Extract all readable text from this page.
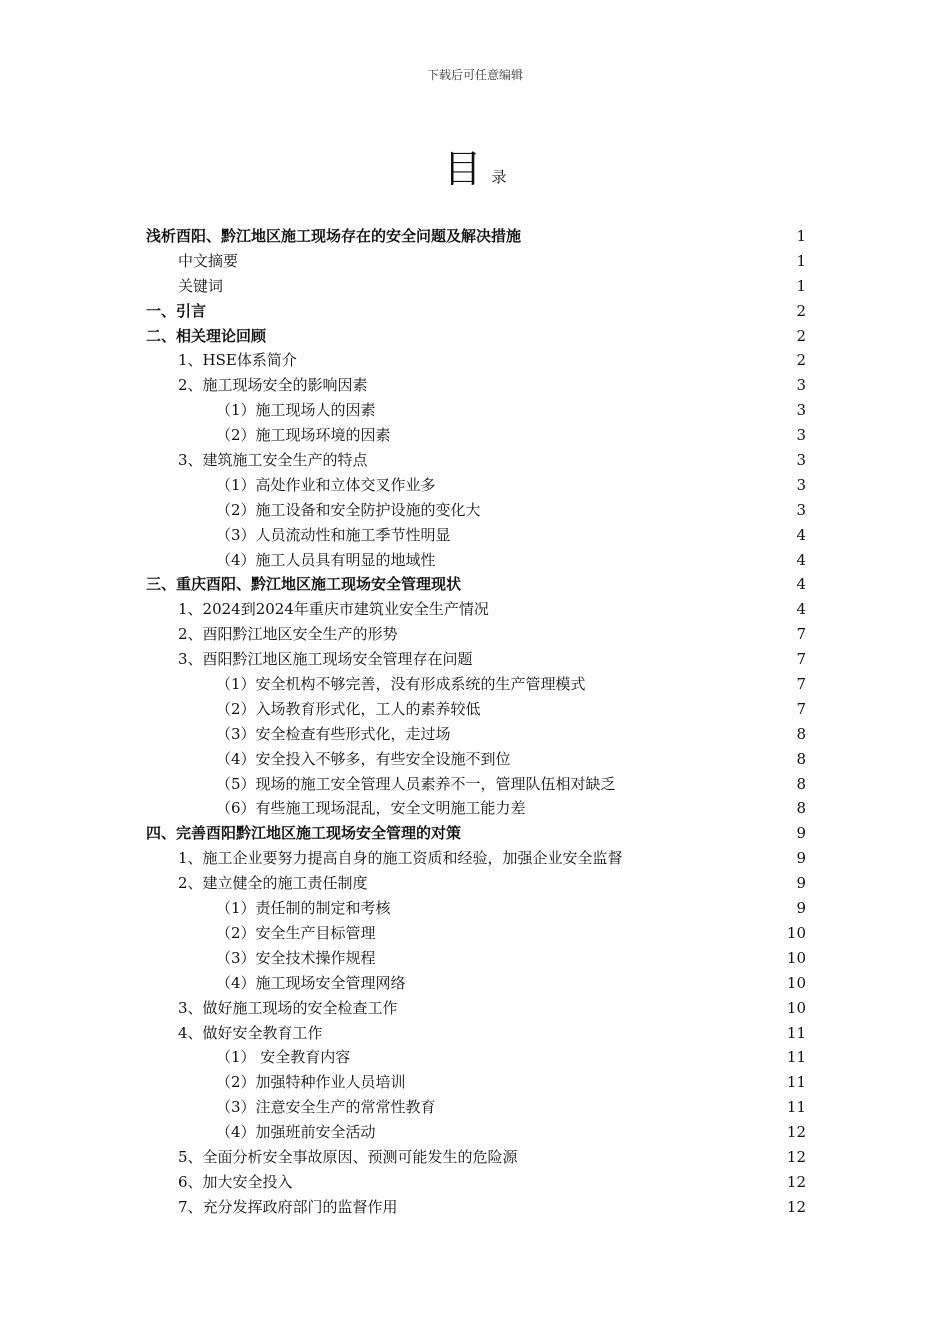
下载后可任意编辑
目录
浅析酉阳、黔江地区施工现场存在的安全问题及解决措施	1
中文摘要	1
关键词	1
一、引言	2
二、相关理论回顾	2
1、HSE体系简介	2
2、施工现场安全的影响因素	3
（1）施工现场人的因素	3
（2）施工现场环境的因素	3
3、建筑施工安全生产的特点	3
（1）高处作业和立体交叉作业多	3
（2）施工设备和安全防护设施的变化大	3
（3）人员流动性和施工季节性明显	4
（4）施工人员具有明显的地域性	4
三、重庆酉阳、黔江地区施工现场安全管理现状	4
1、2024到2024年重庆市建筑业安全生产情况	4
2、酉阳黔江地区安全生产的形势	7
3、酉阳黔江地区施工现场安全管理存在问题	7
（1）安全机构不够完善，没有形成系统的生产管理模式	7
（2）入场教育形式化，工人的素养较低	7
（3）安全检查有些形式化，走过场	8
（4）安全投入不够多，有些安全设施不到位	8
（5）现场的施工安全管理人员素养不一，管理队伍相对缺乏	8
（6）有些施工现场混乱，安全文明施工能力差	8
四、完善酉阳黔江地区施工现场安全管理的对策	9
1、施工企业要努力提高自身的施工资质和经验，加强企业安全监督	9
2、建立健全的施工责任制度	9
（1）责任制的制定和考核	9
（2）安全生产目标管理	10
（3）安全技术操作规程	10
（4）施工现场安全管理网络	10
3、做好施工现场的安全检查工作	10
4、做好安全教育工作	11
（1） 安全教育内容	11
（2）加强特种作业人员培训	11
（3）注意安全生产的常常性教育	11
（4）加强班前安全活动	12
5、全面分析安全事故原因、预测可能发生的危险源	12
6、加大安全投入	12
7、充分发挥政府部门的监督作用	12
